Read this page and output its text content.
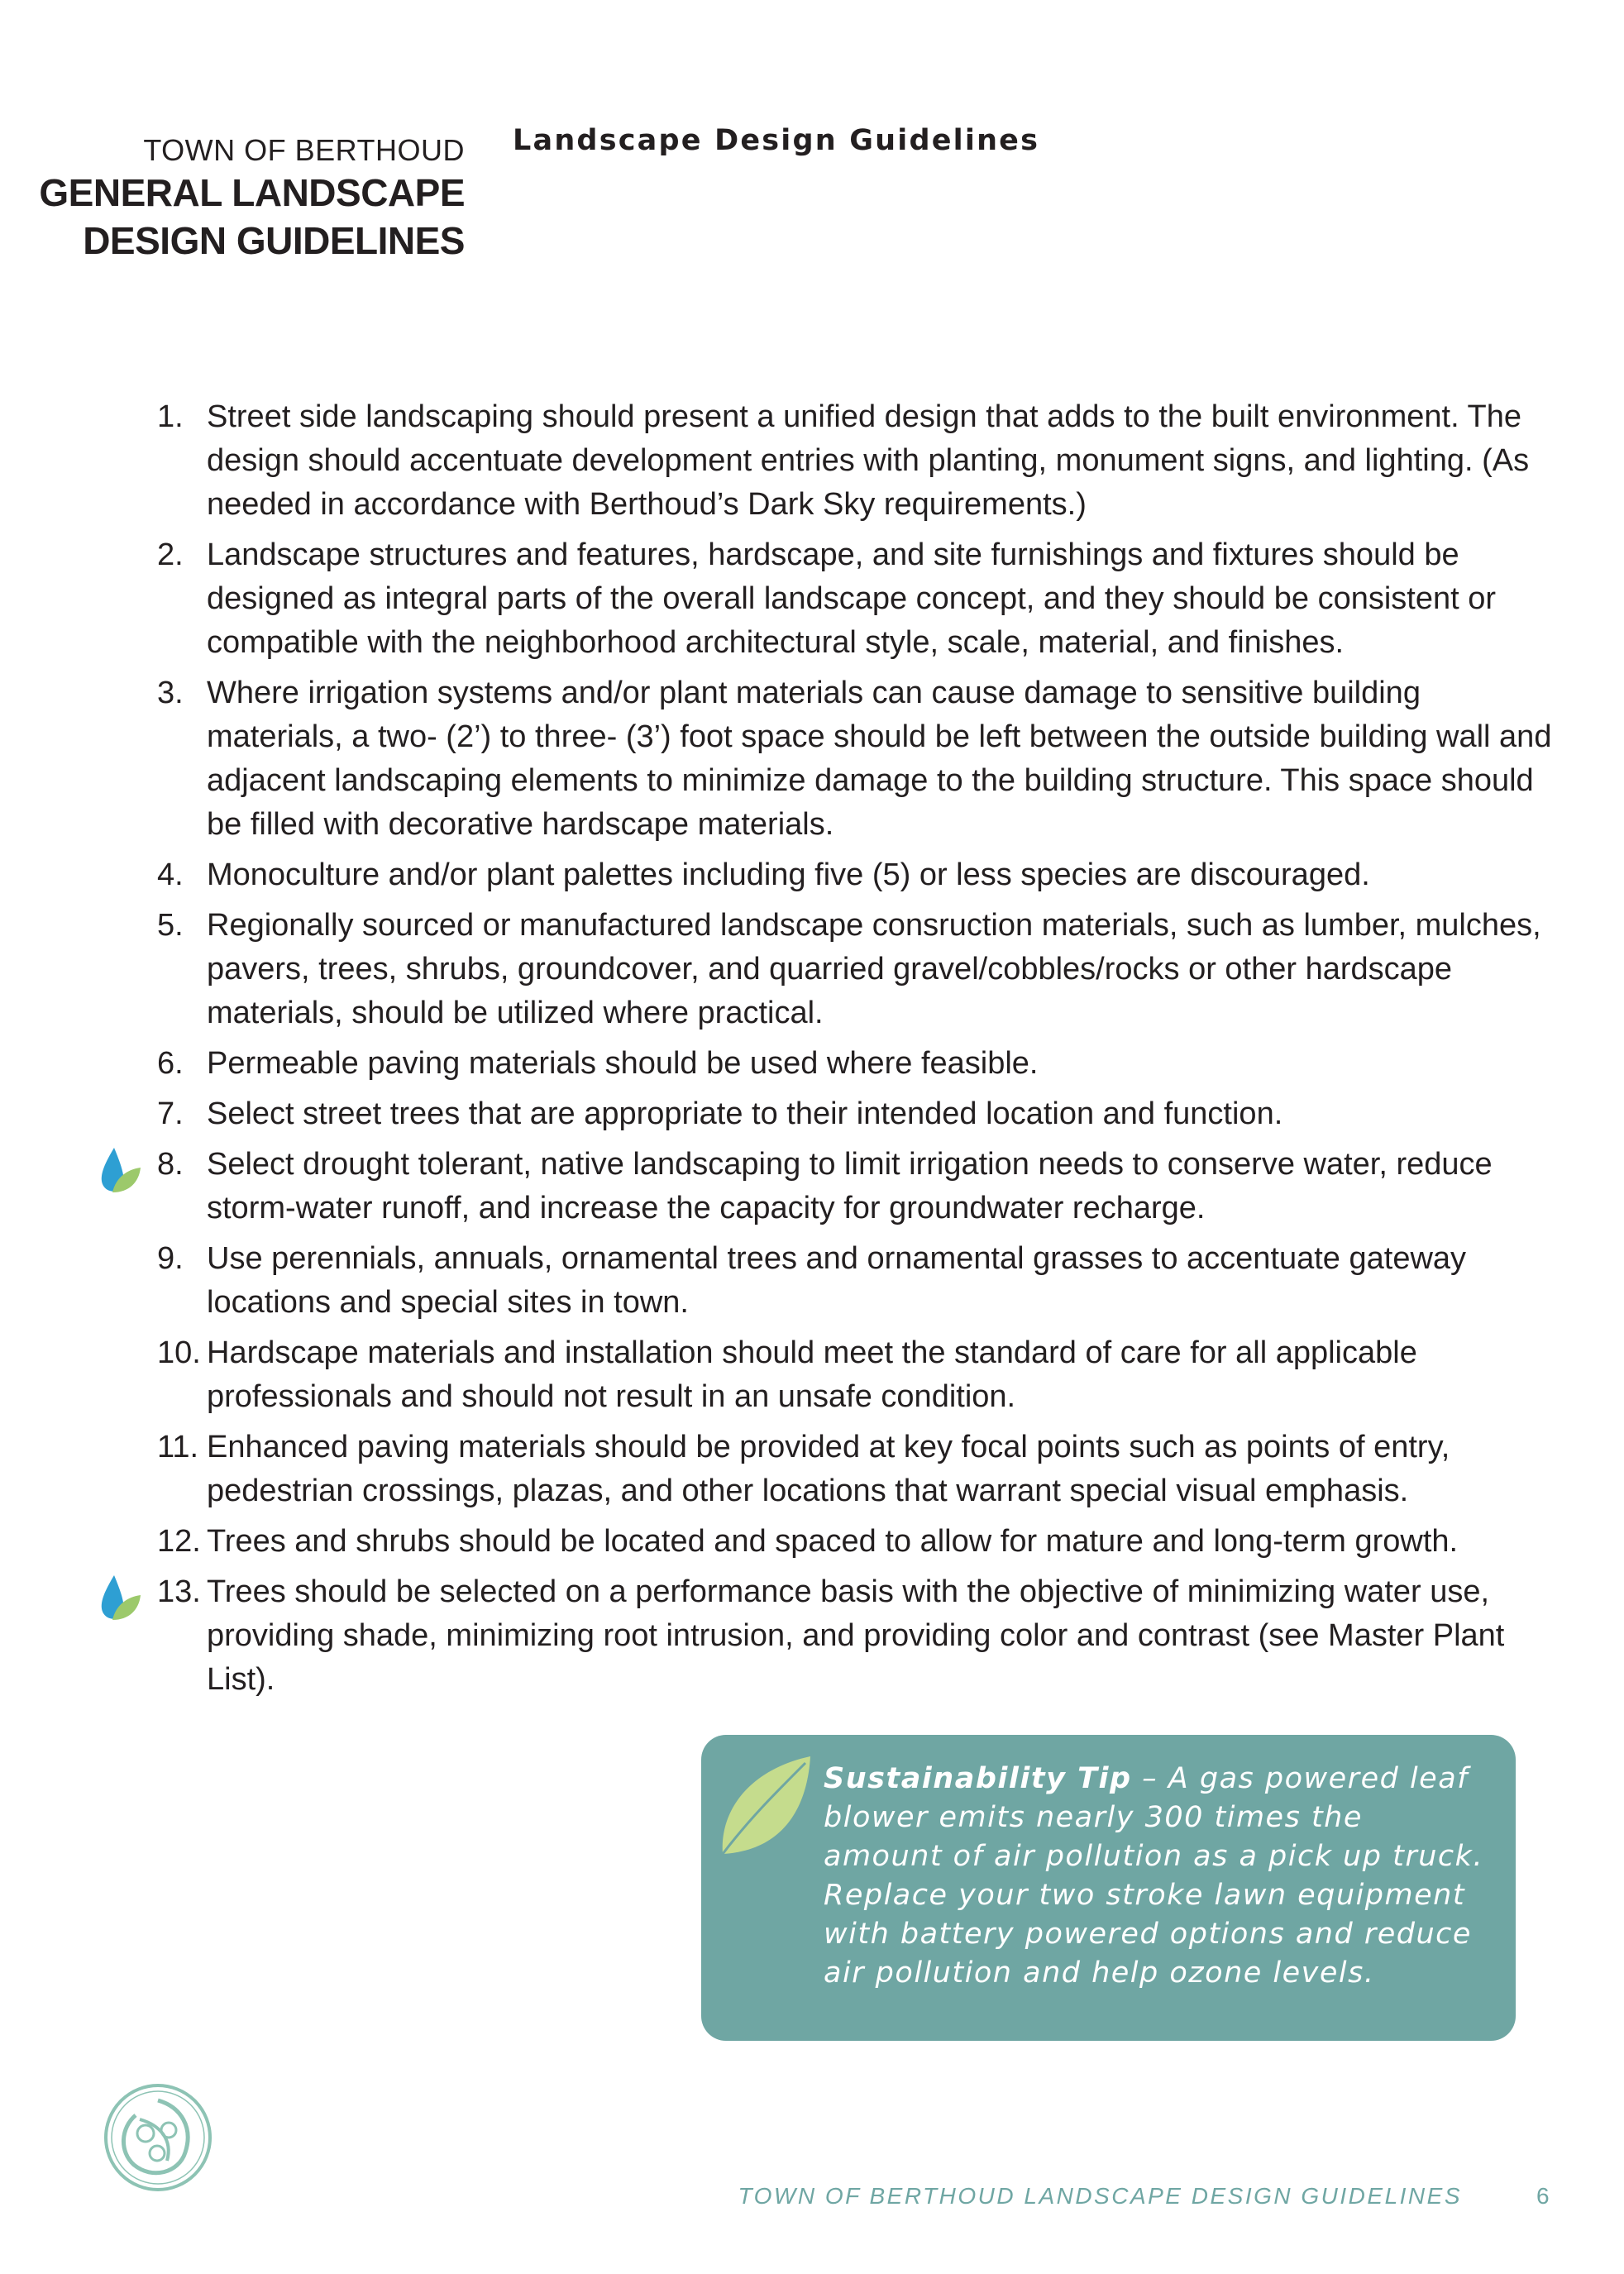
TOWN OF BERTHOUD
GENERAL LANDSCAPE
DESIGN GUIDELINES
Landscape Design Guidelines
1. Street side landscaping should present a unified design that adds to the built environment. The design should accentuate development entries with planting, monument signs, and lighting. (As needed in accordance with Berthoud’s Dark Sky requirements.)
2. Landscape structures and features, hardscape, and site furnishings and fixtures should be designed as integral parts of the overall landscape concept, and they should be consistent or compatible with the neighborhood architectural style, scale, material, and finishes.
3. Where irrigation systems and/or plant materials can cause damage to sensitive building materials, a two- (2’) to three- (3’) foot space should be left between the outside building wall and adjacent landscaping elements to minimize damage to the building structure. This space should be filled with decorative hardscape materials.
4. Monoculture and/or plant palettes including five (5) or less species are discouraged.
5. Regionally sourced or manufactured landscape consruction materials, such as lumber, mulches, pavers, trees, shrubs, groundcover, and quarried gravel/cobbles/rocks or other hardscape materials, should be utilized where practical.
6. Permeable paving materials should be used where feasible.
7. Select street trees that are appropriate to their intended location and function.
8. Select drought tolerant, native landscaping to limit irrigation needs to conserve water, reduce storm-water runoff, and increase the capacity for groundwater recharge.
9. Use perennials, annuals, ornamental trees and ornamental grasses to accentuate gateway locations and special sites in town.
10. Hardscape materials and installation should meet the standard of care for all applicable professionals and should not result in an unsafe condition.
11. Enhanced paving materials should be provided at key focal points such as points of entry, pedestrian crossings, plazas, and other locations that warrant special visual emphasis.
12. Trees and shrubs should be located and spaced to allow for mature and long-term growth.
13. Trees should be selected on a performance basis with the objective of minimizing water use, providing shade, minimizing root intrusion, and providing color and contrast (see Master Plant List).
Sustainability Tip – A gas powered leaf blower emits nearly 300 times the amount of air pollution as a pick up truck. Replace your two stroke lawn equipment with battery powered options and reduce air pollution and help ozone levels.
TOWN OF BERTHOUD LANDSCAPE DESIGN GUIDELINES	6
